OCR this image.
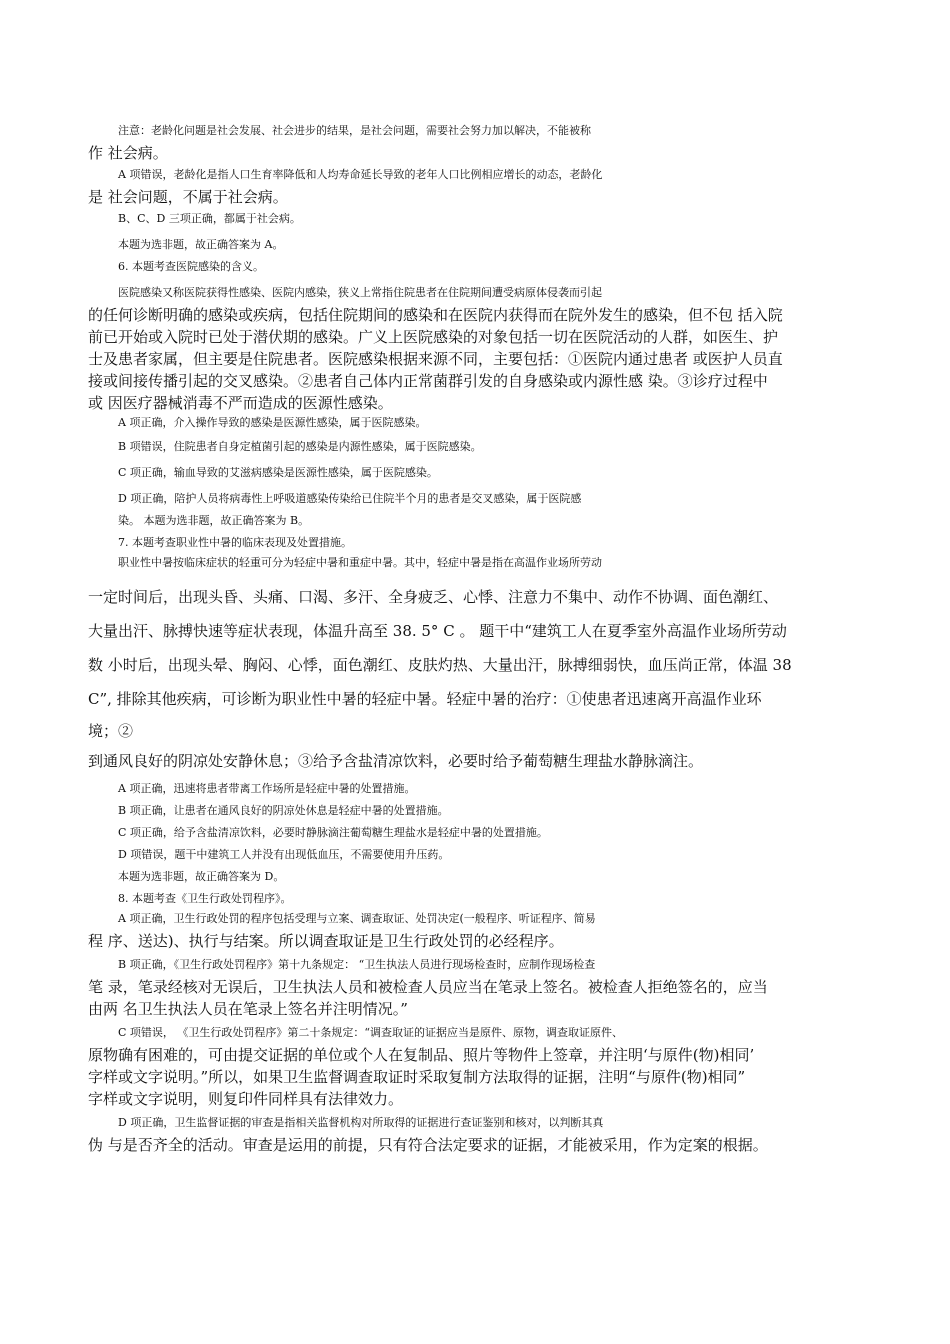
注意：老龄化问题是社会发展、社会进步的结果，是社会问题，需要社会努力加以解决，不能被称
作 社会病。
A 项错误，老龄化是指人口生育率降低和人均寿命延长导致的老年人口比例相应增长的动态，老龄化
是 社会问题，不属于社会病。
B、C、D 三项正确，都属于社会病。
本题为选非题，故正确答案为 A。
6. 本题考查医院感染的含义。
医院感染又称医院获得性感染、医院内感染，狭义上常指住院患者在住院期间遭受病原体侵袭而引起
的任何诊断明确的感染或疾病，包括住院期间的感染和在医院内获得而在院外发生的感染，但不包 括入院
前已开始或入院时已处于潜伏期的感染。广义上医院感染的对象包括一切在医院活动的人群，如医生、护
士及患者家属，但主要是住院患者。医院感染根据来源不同，主要包括：①医院内通过患者 或医护人员直
接或间接传播引起的交叉感染。②患者自己体内正常菌群引发的自身感染或内源性感 染。③诊疗过程中
或 因医疗器械消毒不严而造成的医源性感染。
A 项正确，介入操作导致的感染是医源性感染，属于医院感染。
B 项错误，住院患者自身定植菌引起的感染是内源性感染，属于医院感染。
C 项正确，输血导致的艾滋病感染是医源性感染，属于医院感染。
D 项正确，陪护人员将病毒性上呼吸道感染传染给已住院半个月的患者是交叉感染，属于医院感
染。 本题为选非题，故正确答案为 B。
7. 本题考查职业性中暑的临床表现及处置措施。
职业性中暑按临床症状的轻重可分为轻症中暑和重症中暑。其中，轻症中暑是指在高温作业场所劳动
一定时间后，出现头昏、头痛、口渴、多汗、全身疲乏、心悸、注意力不集中、动作不协调、面色潮红、
大量出汗、脉搏快速等症状表现，体温升高至 38. 5° C 。 题干中“建筑工人在夏季室外高温作业场所劳动
数 小时后，出现头晕、胸闷、心悸，面色潮红、皮肤灼热、大量出汗，脉搏细弱快，血压尚正常，体温 38
C”, 排除其他疾病，可诊断为职业性中暑的轻症中暑。轻症中暑的治疗：①使患者迅速离开高温作业环
境；②
到通风良好的阴凉处安静休息；③给予含盐清凉饮料，必要时给予葡萄糖生理盐水静脉滴注。
A 项正确，迅速将患者带离工作场所是轻症中暑的处置措施。
B 项正确，让患者在通风良好的阴凉处休息是轻症中暑的处置措施。
C 项正确，给予含盐清凉饮料，必要时静脉滴注葡萄糖生理盐水是轻症中暑的处置措施。
D 项错误，题干中建筑工人并没有出现低血压，不需要使用升压药。
本题为选非题，故正确答案为 D。
8. 本题考查《卫生行政处罚程序》。
A 项正确，卫生行政处罚的程序包括受理与立案、调查取证、处罚决定(一般程序、听证程序、简易
程 序、送达)、执行与结案。所以调查取证是卫生行政处罚的必经程序。
B 项正确，《卫生行政处罚程序》第十九条规定： “卫生执法人员进行现场检查时，应制作现场检查
笔 录，笔录经核对无误后，卫生执法人员和被检查人员应当在笔录上签名。被检查人拒绝签名的，应当
由两 名卫生执法人员在笔录上签名并注明情况。”
C 项错误， 《卫生行政处罚程序》第二十条规定：“调查取证的证据应当是原件、原物，调查取证原件、
原物确有困难的，可由提交证据的单位或个人在复制品、照片等物件上签章，并注明‘与原件(物)相同’
字样或文字说明。”所以，如果卫生监督调查取证时采取复制方法取得的证据，注明“与原件(物)相同”
字样或文字说明，则复印件同样具有法律效力。
D 项正确，卫生监督证据的审查是指相关监督机构对所取得的证据进行查证鉴别和核对，以判断其真
伪 与是否齐全的活动。审查是运用的前提，只有符合法定要求的证据，才能被采用，作为定案的根据。
